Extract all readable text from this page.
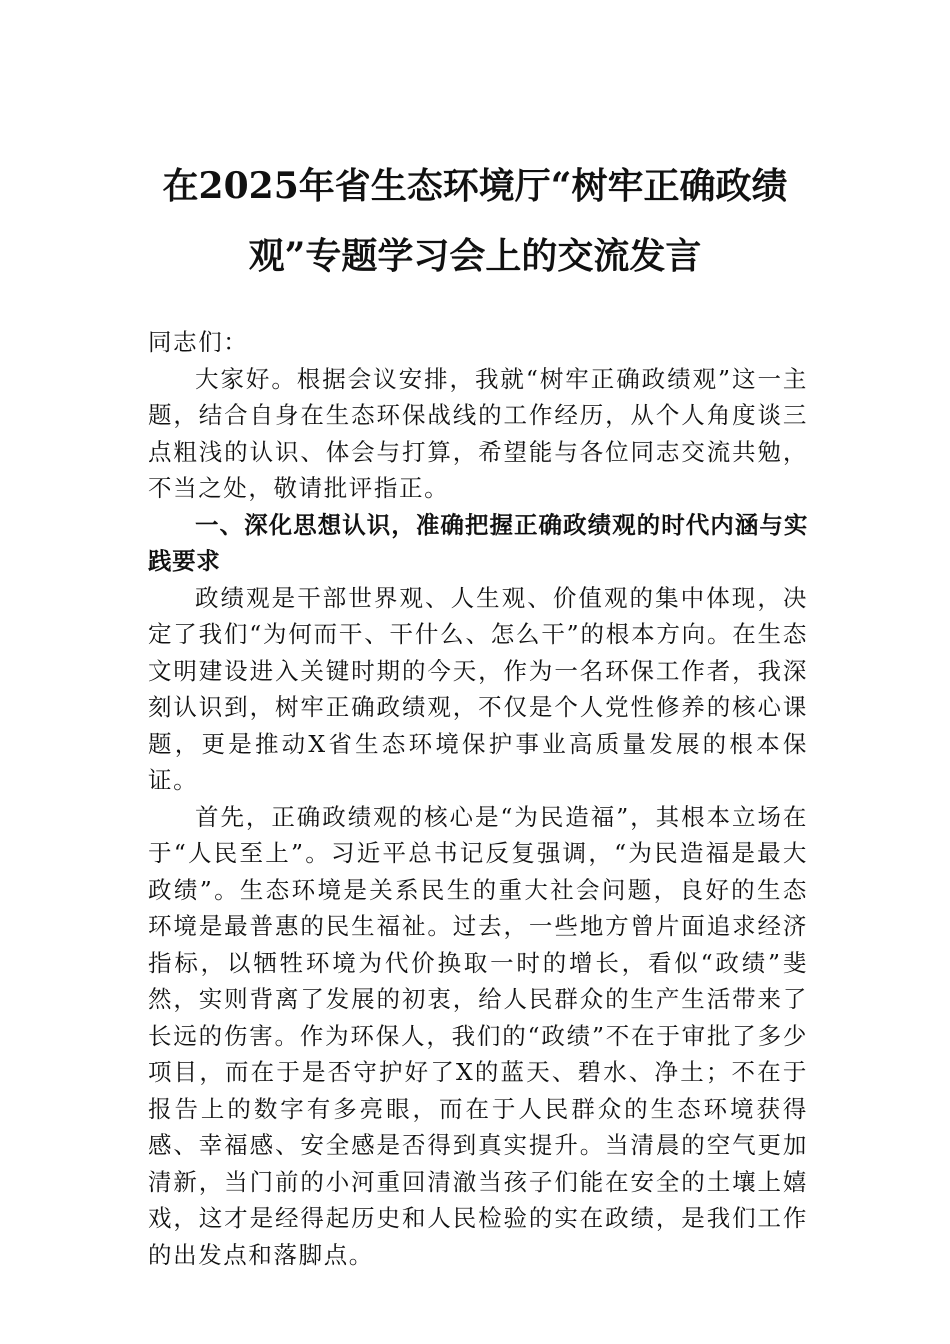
在2025年省生态环境厅“树牢正确政绩
观”专题学习会上的交流发言

同志们：

大家好。根据会议安排，我就“树牢正确政绩观”这一主题，结合自身在生态环保战线的工作经历，从个人角度谈三点粗浅的认识、体会与打算，希望能与各位同志交流共勉，不当之处，敬请批评指正。

一、深化思想认识，准确把握正确政绩观的时代内涵与实践要求

政绩观是干部世界观、人生观、价值观的集中体现，决定了我们“为何而干、干什么、怎么干”的根本方向。在生态文明建设进入关键时期的今天，作为一名环保工作者，我深刻认识到，树牢正确政绩观，不仅是个人党性修养的核心课题，更是推动X省生态环境保护事业高质量发展的根本保证。

首先，正确政绩观的核心是“为民造福”，其根本立场在于“人民至上”。习近平总书记反复强调，“为民造福是最大政绩”。生态环境是关系民生的重大社会问题，良好的生态环境是最普惠的民生福祉。过去，一些地方曾片面追求经济指标，以牺牲环境为代价换取一时的增长，看似“政绩”斐然，实则背离了发展的初衷，给人民群众的生产生活带来了长远的伤害。作为环保人，我们的“政绩”不在于审批了多少项目，而在于是否守护好了X的蓝天、碧水、净土；不在于报告上的数字有多亮眼，而在于人民群众的生态环境获得感、幸福感、安全感是否得到真实提升。当清晨的空气更加清新，当门前的小河重回清澈当孩子们能在安全的土壤上嬉戏，这才是经得起历史和人民检验的实在政绩，是我们工作的出发点和落脚点。
